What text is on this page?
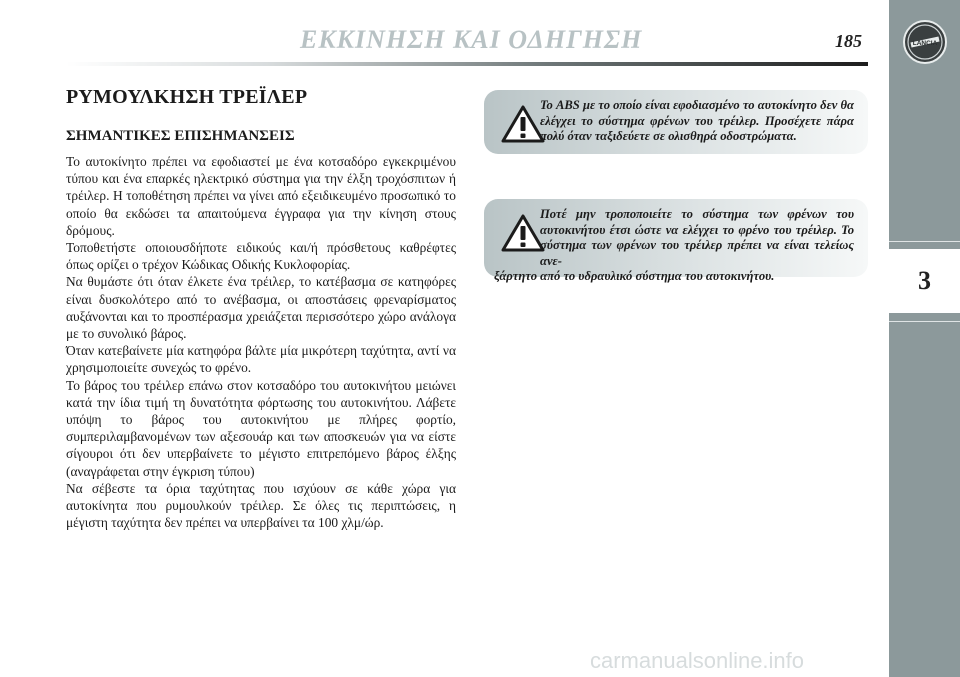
ΕΚΚΙΝΗΣΗ ΚΑΙ ΟΔΗΓΗΣΗ	185	LANCIA
3
ΡΥΜΟΥΛΚΗΣΗ ΤΡΕΪΛΕΡ
ΣΗΜΑΝΤΙΚΕΣ ΕΠΙΣΗΜΑΝΣΕΙΣ

Το αυτοκίνητο πρέπει να εφοδιαστεί με ένα κοτσαδόρο εγκεκριμένου τύπου και ένα επαρκές ηλεκτρικό σύστημα για την έλξη τροχόσπιτων ή τρέιλερ. Η τοποθέτηση πρέπει να γίνει από εξειδικευμένο προσωπικό το οποίο θα εκδώσει τα απαιτούμενα έγγραφα για την κίνηση στους δρόμους.

Τοποθετήστε οποιουσδήποτε ειδικούς και/ή πρόσθετους καθρέφτες όπως ορίζει ο τρέχον Κώδικας Οδικής Κυκλοφορίας.

Να θυμάστε ότι όταν έλκετε ένα τρέιλερ, το κατέβασμα σε κατηφόρες είναι δυσκολότερο από το ανέβασμα, οι αποστάσεις φρεναρίσματος αυξάνονται και το προσπέρασμα χρειάζεται περισσότερο χώρο ανάλογα με το συνολικό βάρος.

Όταν κατεβαίνετε μία κατηφόρα βάλτε μία μικρότερη ταχύτητα, αντί να χρησιμοποιείτε συνεχώς το φρένο.

Το βάρος του τρέιλερ επάνω στον κοτσαδόρο του αυτοκινήτου μειώνει κατά την ίδια τιμή τη δυνατότητα φόρτωσης του αυτοκινήτου. Λάβετε υπόψη το βάρος του αυτοκινήτου με πλήρες φορτίο, συμπεριλαμβανομένων των αξεσουάρ και των αποσκευών για να είστε σίγουροι ότι δεν υπερβαίνετε το μέγιστο επιτρεπόμενο βάρος έλξης (αναγράφεται στην έγκριση τύπου)

Να σέβεστε τα όρια ταχύτητας που ισχύουν σε κάθε χώρα για αυτοκίνητα που ρυμουλκούν τρέιλερ. Σε όλες τις περιπτώσεις, η μέγιστη ταχύτητα δεν πρέπει να υπερβαίνει τα 100 χλμ/ώρ.

Το ABS με το οποίο είναι εφοδιασμένο το αυτοκίνητο δεν θα ελέγχει το σύστημα φρένων του τρέιλερ. Προσέχετε πάρα πολύ όταν ταξιδεύετε σε ολισθηρά οδοστρώματα.
Ποτέ μην τροποποιείτε το σύστημα των φρένων του αυτοκινήτου έτσι ώστε να ελέγχει το φρένο του τρέιλερ. Το σύστημα των φρένων του τρέιλερ πρέπει να είναι τελείως ανε-
ξάρτητο από το υδραυλικό σύστημα του αυτοκινήτου.
carmanualsonline.info
